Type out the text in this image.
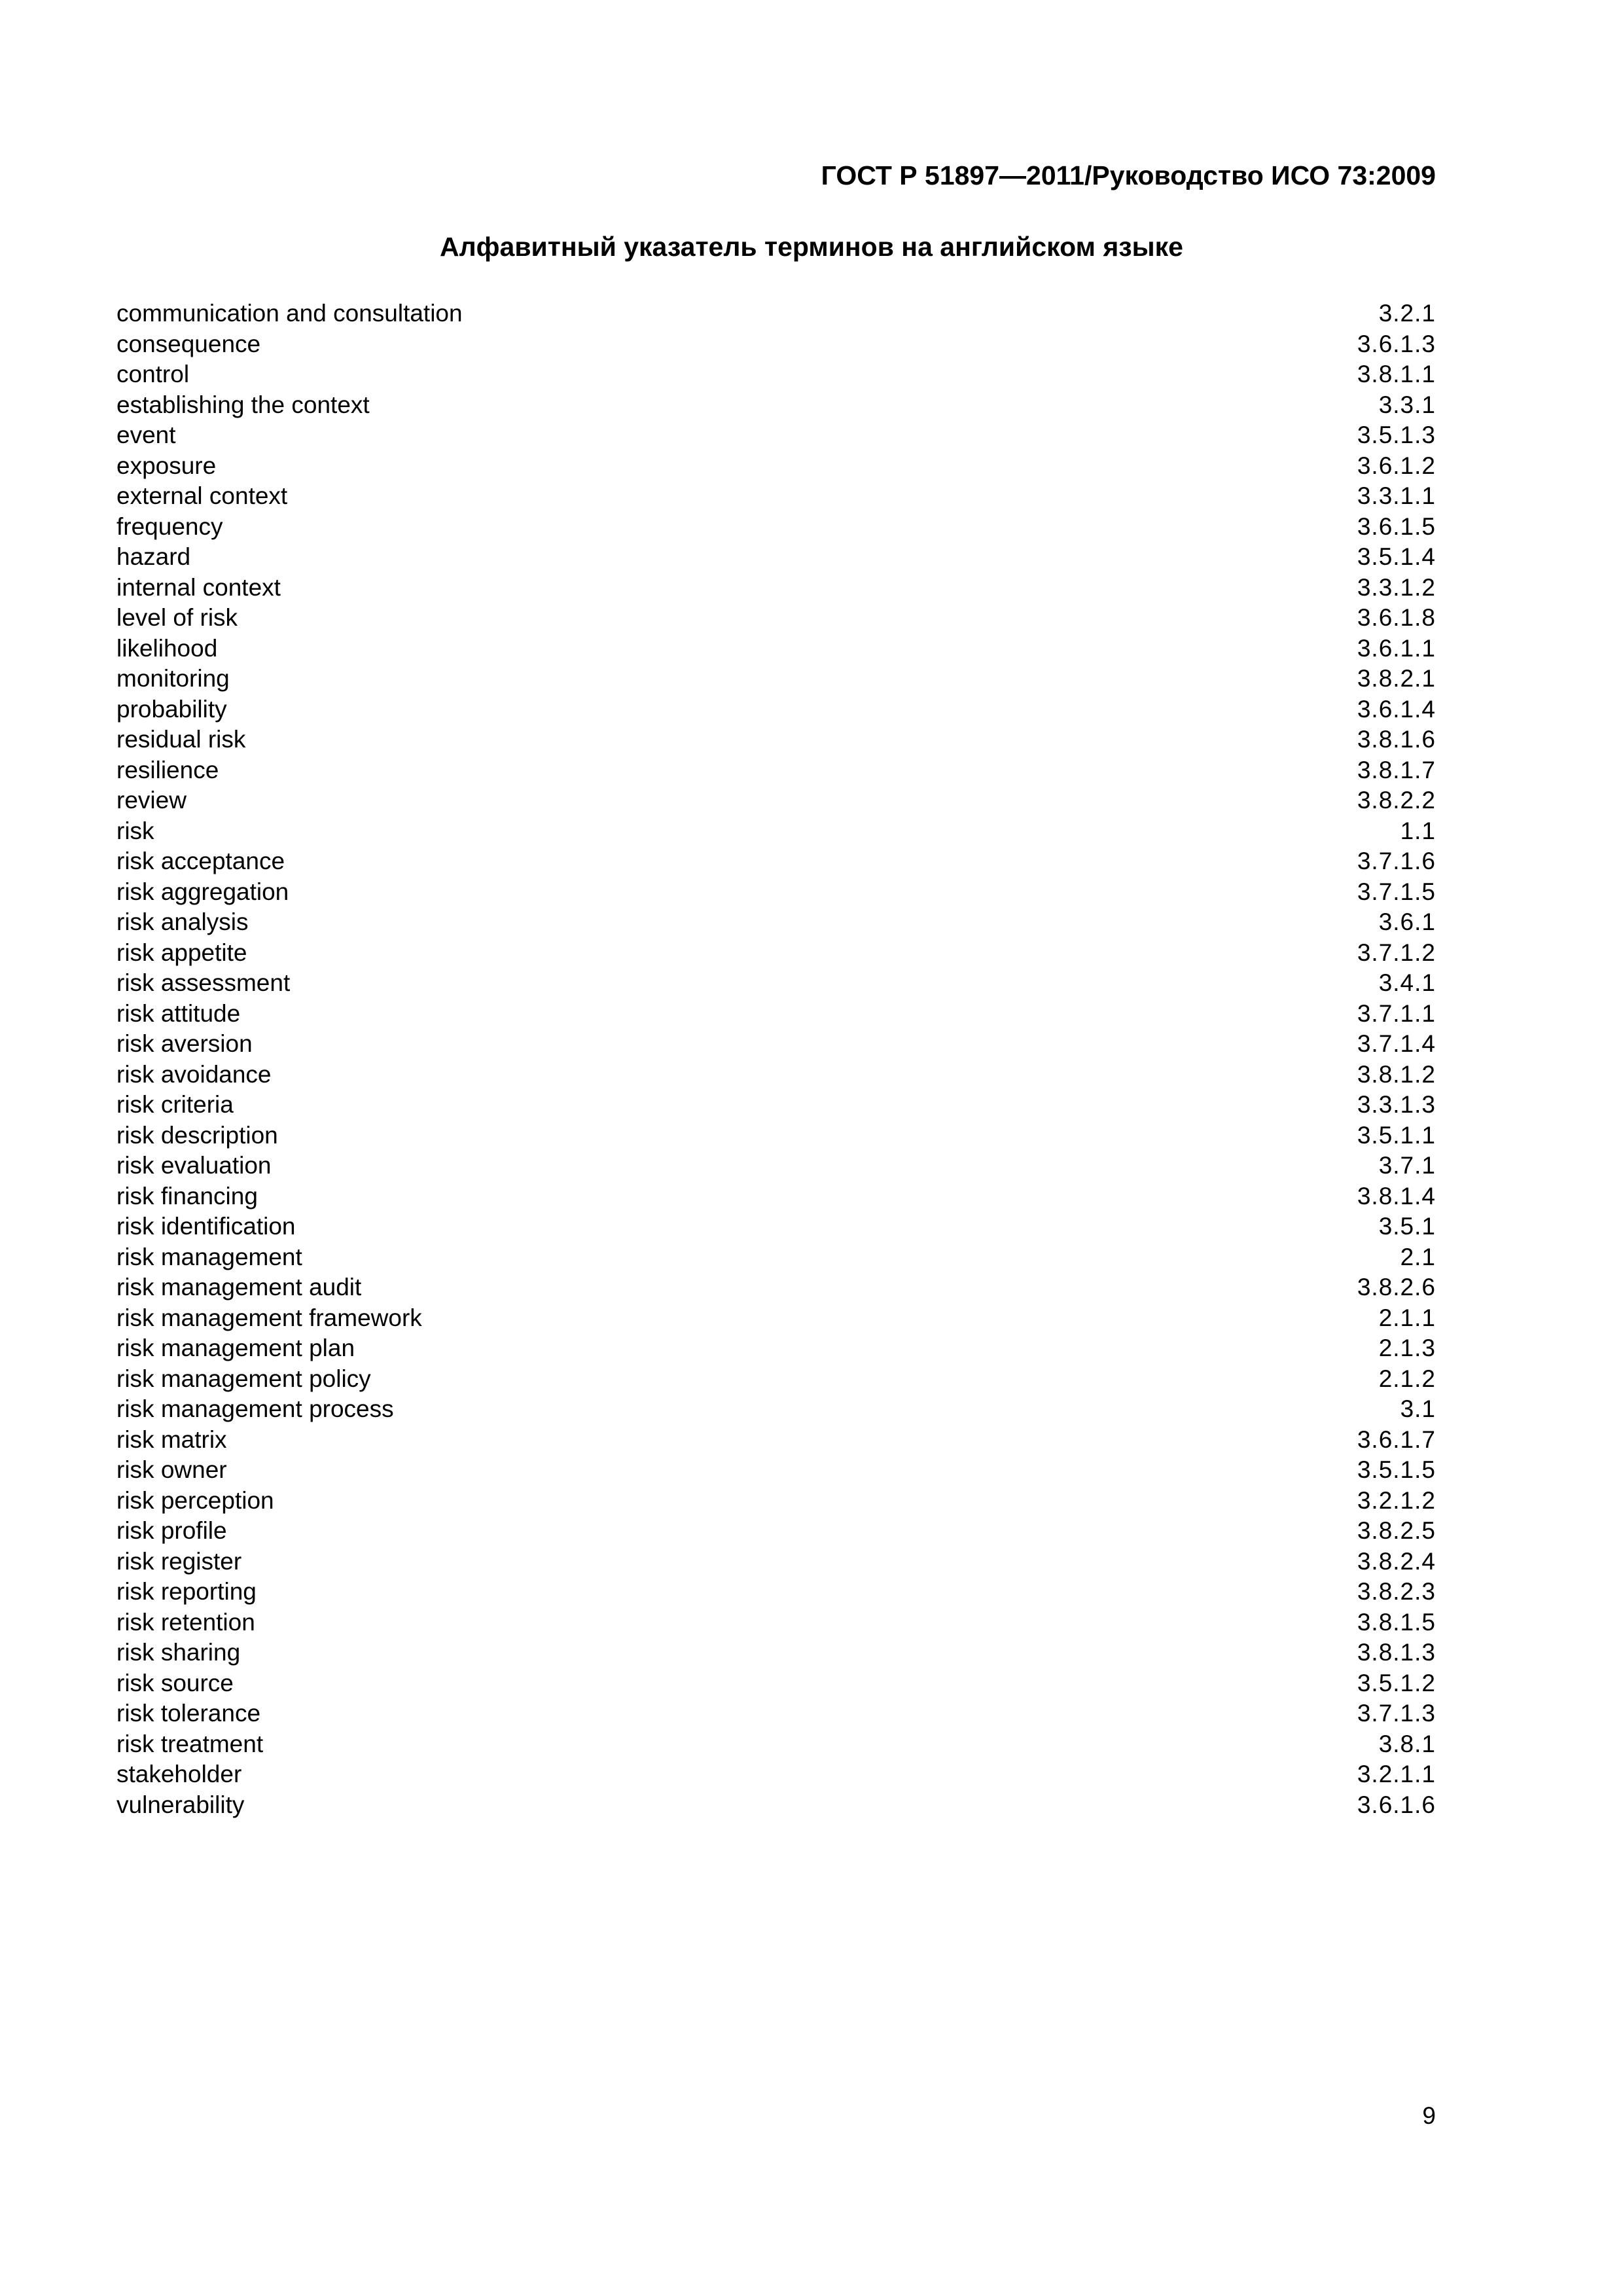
ГОСТ Р 51897—2011/Руководство ИСО 73:2009
Алфавитный указатель терминов на английском языке
communication and consultation	3.2.1
consequence	3.6.1.3
control	3.8.1.1
establishing the context	3.3.1
event	3.5.1.3
exposure	3.6.1.2
external context	3.3.1.1
frequency	3.6.1.5
hazard	3.5.1.4
internal context	3.3.1.2
level of risk	3.6.1.8
likelihood	3.6.1.1
monitoring	3.8.2.1
probability	3.6.1.4
residual risk	3.8.1.6
resilience	3.8.1.7
review	3.8.2.2
risk	1.1
risk acceptance	3.7.1.6
risk aggregation	3.7.1.5
risk analysis	3.6.1
risk appetite	3.7.1.2
risk assessment	3.4.1
risk attitude	3.7.1.1
risk aversion	3.7.1.4
risk avoidance	3.8.1.2
risk criteria	3.3.1.3
risk description	3.5.1.1
risk evaluation	3.7.1
risk financing	3.8.1.4
risk identification	3.5.1
risk management	2.1
risk management audit	3.8.2.6
risk management framework	2.1.1
risk management plan	2.1.3
risk management policy	2.1.2
risk management process	3.1
risk matrix	3.6.1.7
risk owner	3.5.1.5
risk perception	3.2.1.2
risk profile	3.8.2.5
risk register	3.8.2.4
risk reporting	3.8.2.3
risk retention	3.8.1.5
risk sharing	3.8.1.3
risk source	3.5.1.2
risk tolerance	3.7.1.3
risk treatment	3.8.1
stakeholder	3.2.1.1
vulnerability	3.6.1.6
9
